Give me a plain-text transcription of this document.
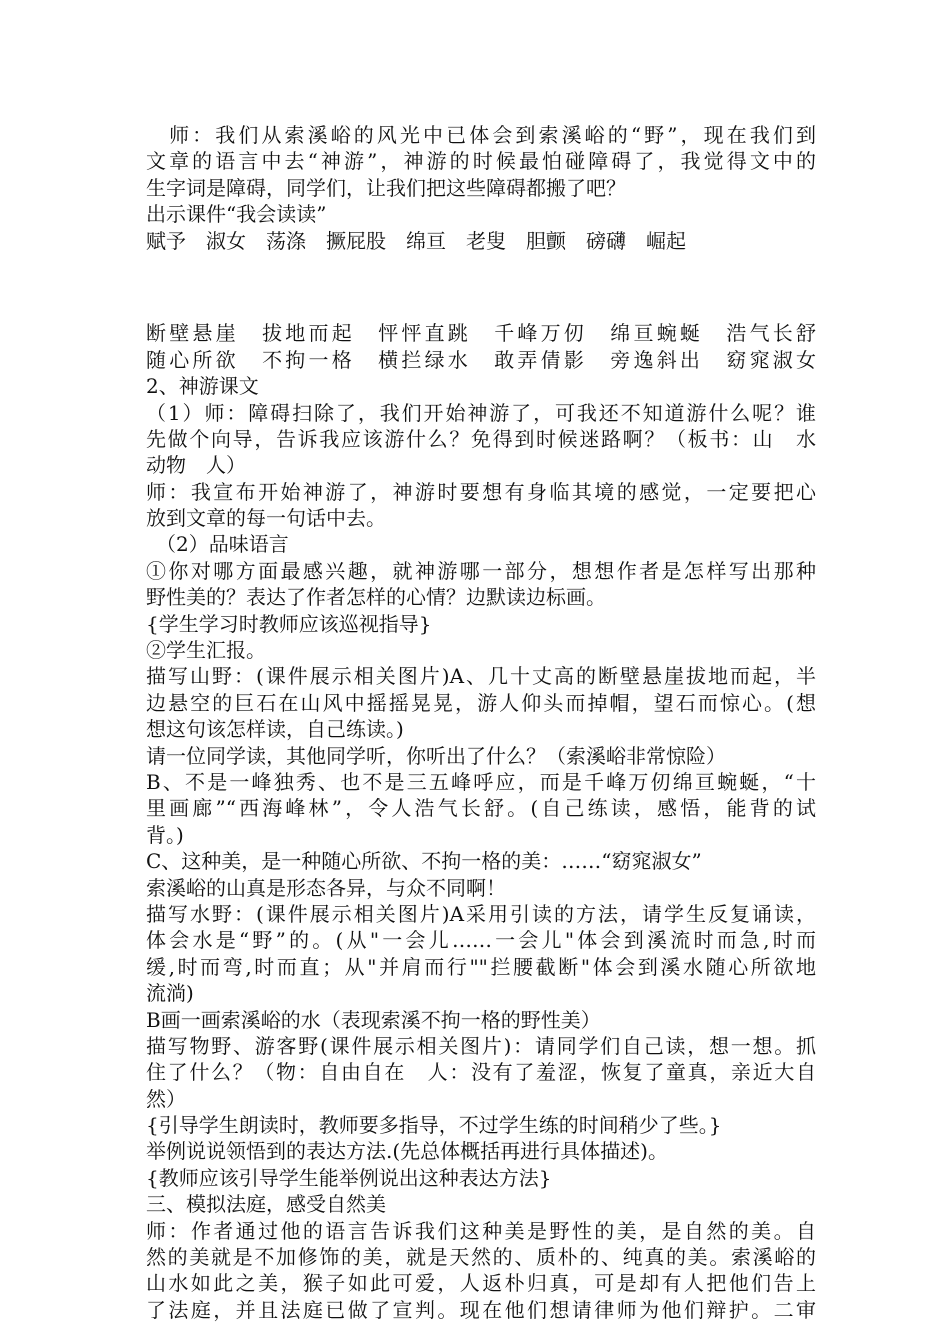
　师：我们从索溪峪的风光中已体会到索溪峪的“野”，现在我们到

文章的语言中去“神游”，神游的时候最怕碰障碍了，我觉得文中的

生字词是障碍，同学们，让我们把这些障碍都搬了吧？

出示课件“我会读读”

赋予　淑女　荡涤　撅屁股　绵亘　老叟　胆颤　磅礴　崛起

断壁悬崖　拔地而起　怦怦直跳　千峰万仞　绵亘蜿蜒　浩气长舒

随心所欲　不拘一格　横拦绿水　敢弄倩影　旁逸斜出　窈窕淑女

2、神游课文

（1）师：障碍扫除了，我们开始神游了，可我还不知道游什么呢？谁

先做个向导，告诉我应该游什么？免得到时候迷路啊？（板书：山　水

动物　人）

师：我宣布开始神游了，神游时要想有身临其境的感觉，一定要把心

放到文章的每一句话中去。

　（2）品味语言

①你对哪方面最感兴趣，就神游哪一部分，想想作者是怎样写出那种

野性美的？表达了作者怎样的心情？边默读边标画。

{学生学习时教师应该巡视指导}

②学生汇报。

描写山野：(课件展示相关图片)A、几十丈高的断壁悬崖拔地而起，半

边悬空的巨石在山风中摇摇晃晃，游人仰头而掉帽，望石而惊心。(想

想这句该怎样读，自己练读。)

请一位同学读，其他同学听，你听出了什么？（索溪峪非常惊险）

B、不是一峰独秀、也不是三五峰呼应，而是千峰万仞绵亘蜿蜒，“十

里画廊”“西海峰林”，令人浩气长舒。(自己练读，感悟，能背的试

背。)

C、这种美，是一种随心所欲、不拘一格的美：……“窈窕淑女”

索溪峪的山真是形态各异，与众不同啊！

描写水野：(课件展示相关图片)A采用引读的方法，请学生反复诵读，

体会水是“野”的。(从"一会儿……一会儿"体会到溪流时而急,时而

缓,时而弯,时而直；从"并肩而行""拦腰截断"体会到溪水随心所欲地

流淌)

B画一画索溪峪的水（表现索溪不拘一格的野性美）

描写物野、游客野(课件展示相关图片)：请同学们自己读，想一想。抓

住了什么？（物：自由自在　人：没有了羞涩，恢复了童真，亲近大自

然）

{引导学生朗读时，教师要多指导，不过学生练的时间稍少了些。}

举例说说领悟到的表达方法.(先总体概括再进行具体描述)。

{教师应该引导学生能举例说出这种表达方法}

三、模拟法庭，感受自然美

师：作者通过他的语言告诉我们这种美是野性的美，是自然的美。自

然的美就是不加修饰的美，就是天然的、质朴的、纯真的美。索溪峪的

山水如此之美，猴子如此可爱，人返朴归真，可是却有人把他们告上

了法庭，并且法庭已做了宣判。现在他们想请律师为他们辩护。二审
